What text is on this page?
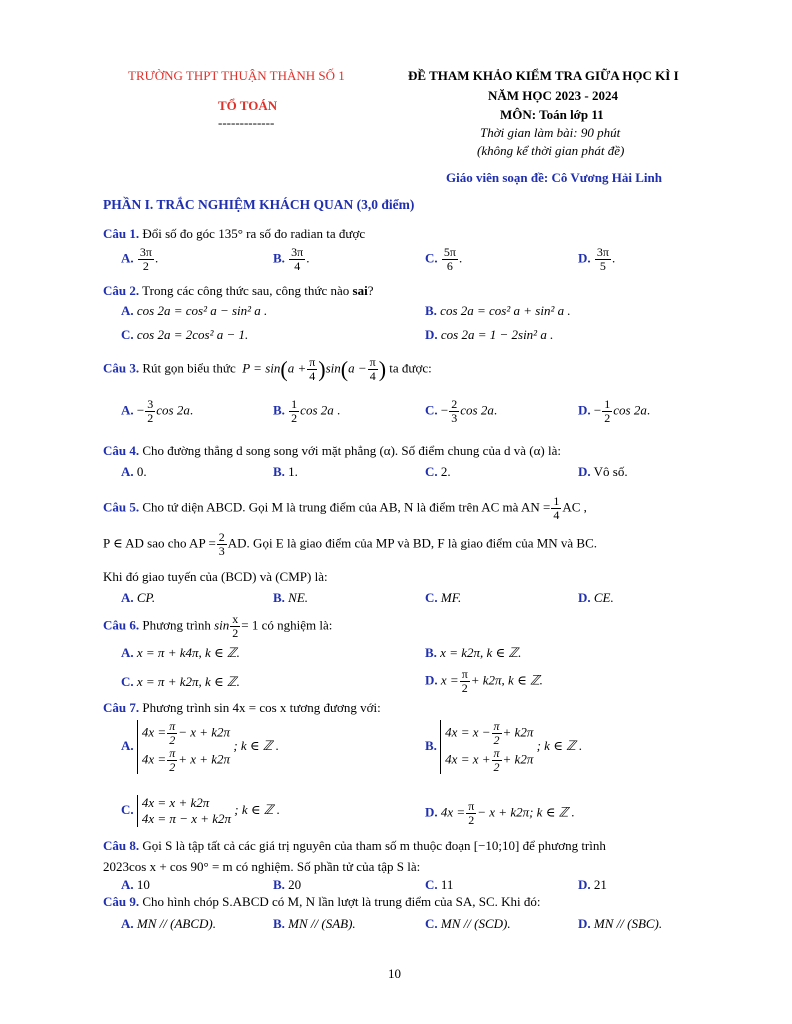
TRƯỜNG THPT THUẬN THÀNH SỐ 1
TỔ TOÁN
-------------
ĐỀ THAM KHẢO KIỂM TRA GIỮA HỌC KÌ I
NĂM HỌC 2023 - 2024
MÔN: Toán lớp 11
Thời gian làm bài: 90 phút
(không kể thời gian phát đề)
Giáo viên soạn đề: Cô Vương Hải Linh
PHẦN I. TRẮC NGHIỆM KHÁCH QUAN (3,0 điểm)
Câu 1. Đổi số đo góc 135° ra số đo radian ta được
A. $\frac{3\pi}{2}$ .	B. $\frac{3\pi}{4}$ .	C. $\frac{5\pi}{6}$ .	D. $\frac{3\pi}{5}$ .
Câu 2. Trong các công thức sau, công thức nào sai?
A. cos 2a = cos² a − sin² a .	B. cos 2a = cos² a + sin² a .
C. cos 2a = 2cos² a − 1.	D. cos 2a = 1 − 2sin² a .
Câu 3. Rút gọn biểu thức  $P = \sin(a + \frac{\pi}{4} )\sin(a - \frac{\pi}{4}$ ) ta được:
A. − $\frac{3}{2}$ cos 2a.	B. $\frac{1}{2}$ cos 2a .	C. − $\frac{2}{3}$ cos 2a.	D. − $\frac{1}{2}$ cos 2a.
Câu 4. Cho đường thẳng d song song với mặt phẳng (α). Số điểm chung của d và (α) là:
A. 0.	B. 1.	C. 2.	D. Vô số.
Câu 5. Cho tứ diện ABCD. Gọi M là trung điểm của AB, N là điểm trên AC mà AN = $\frac{1}{4}$ AC ,
P ∈ AD sao cho AP = $\frac{2}{3}$ AD. Gọi E là giao điểm của MP và BD, F là giao điểm của MN và BC.
Khi đó giao tuyến của (BCD) và (CMP) là:
A. CP.	B. NE.	C. MF.	D. CE.
Câu 6. Phương trình $\sin \frac{x}{2} = 1$ có nghiệm là:
A. x = π + k4π, k ∈ ℤ.	B. x = k2π, k ∈ ℤ.
C. x = π + k2π, k ∈ ℤ.	D. $x = \frac{\pi}{2} + k2\pi$, k ∈ ℤ.
Câu 7. Phương trình sin 4x = cos x tương đương với:
A.
$4x = \frac{\pi}{2} - x + k2\pi$
$4x = \frac{\pi}{2} + x + k2\pi$
; k ∈ ℤ .	B.
$4x = x - \frac{\pi}{2} + k2\pi$
$4x = x + \frac{\pi}{2} + k2\pi$
; k ∈ ℤ .
C. 4x = x + k2π
4x = π − x + k2π
; k ∈ ℤ .	D. $4x = \frac{\pi}{2} - x + k2\pi$; k ∈ ℤ .
Câu 8. Gọi S là tập tất cả các giá trị nguyên của tham số m thuộc đoạn [−10;10] để phương trình
2023cos x + cos 90° = m có nghiệm. Số phần tử của tập S là:
A. 10	B. 20	C. 11	D. 21
Câu 9. Cho hình chóp S.ABCD có M, N lần lượt là trung điểm của SA, SC. Khi đó:
A. MN // (ABCD).	B. MN // (SAB).	C. MN // (SCD).	D. MN // (SBC).
10
